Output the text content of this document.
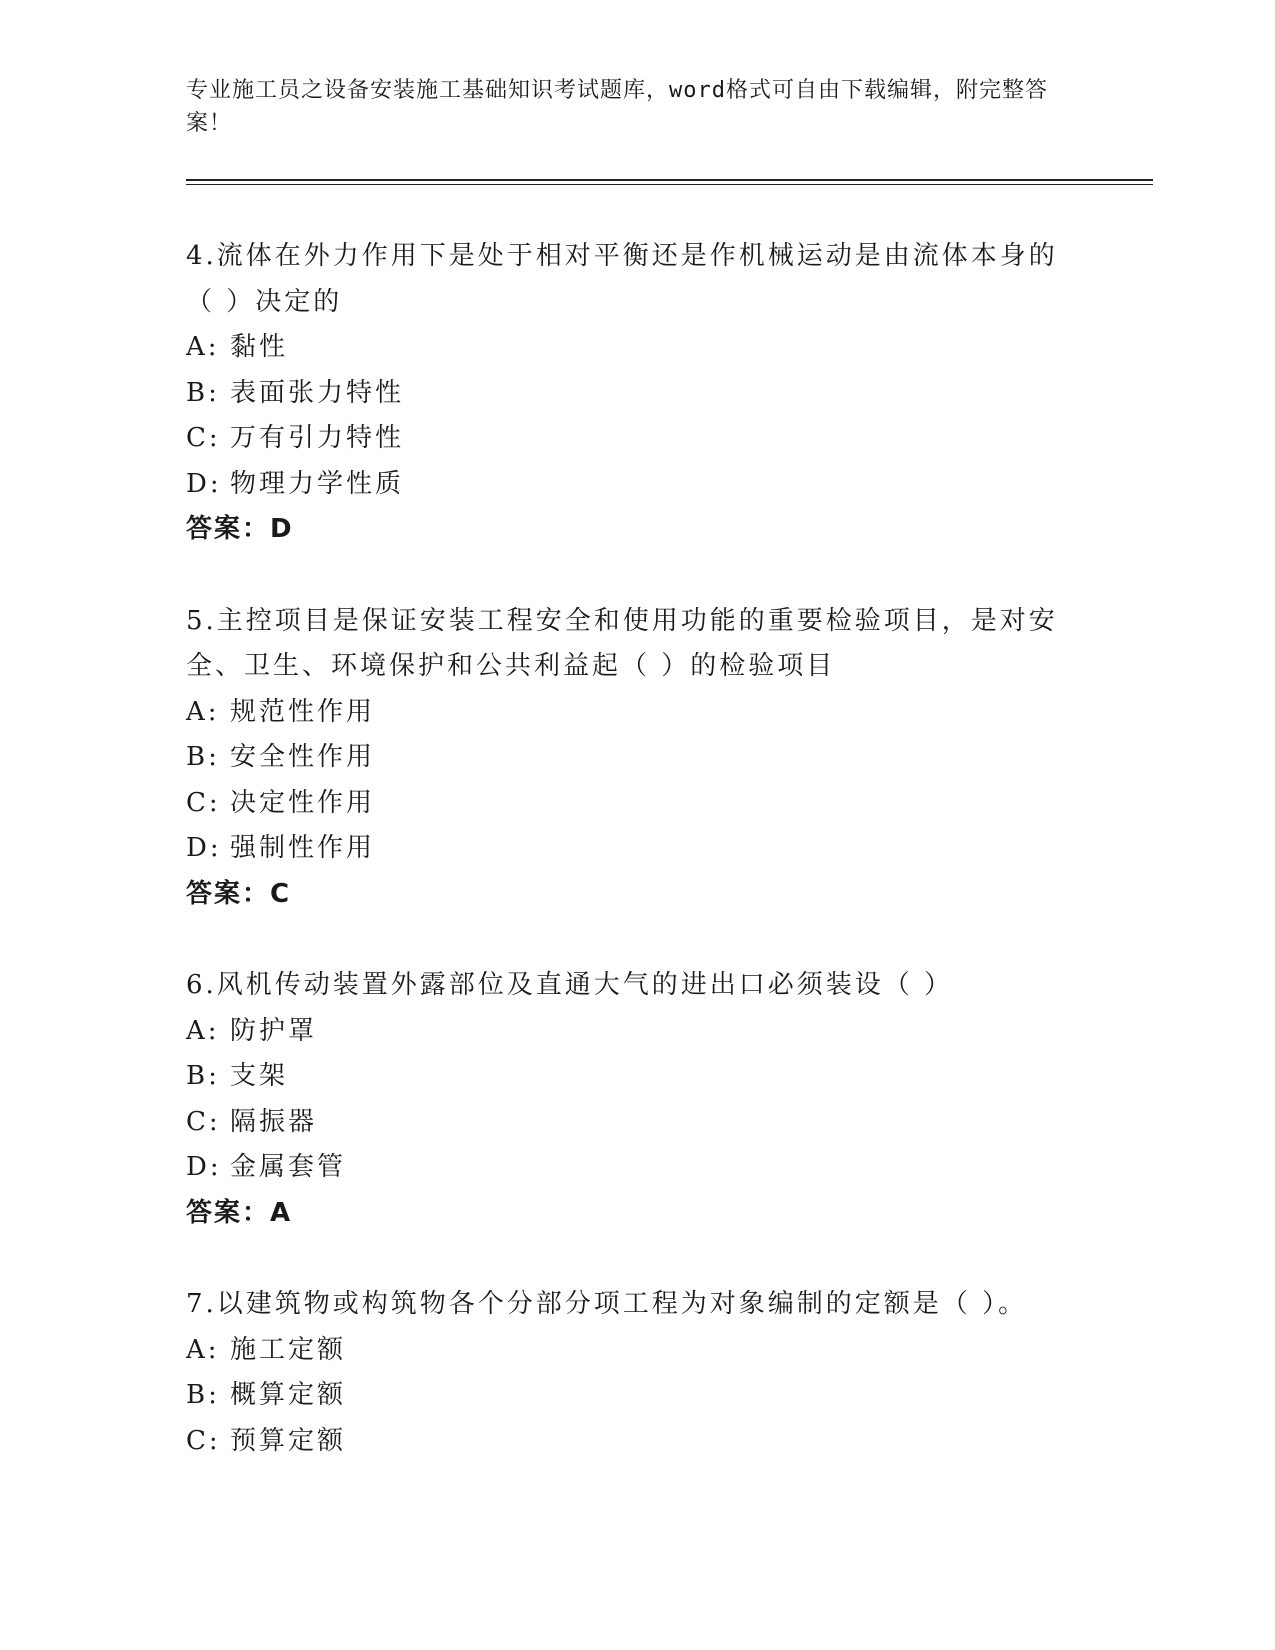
专业施工员之设备安装施工基础知识考试题库，word格式可自由下载编辑，附完整答案！
4.流体在外力作用下是处于相对平衡还是作机械运动是由流体本身的（ ）决定的
A: 黏性
B: 表面张力特性
C: 万有引力特性
D: 物理力学性质
答案：D
5.主控项目是保证安装工程安全和使用功能的重要检验项目，是对安全、卫生、环境保护和公共利益起（ ）的检验项目
A: 规范性作用
B: 安全性作用
C: 决定性作用
D: 强制性作用
答案：C
6.风机传动装置外露部位及直通大气的进出口必须装设（ ）
A: 防护罩
B: 支架
C: 隔振器
D: 金属套管
答案：A
7.以建筑物或构筑物各个分部分项工程为对象编制的定额是（ ）。
A: 施工定额
B: 概算定额
C: 预算定额
